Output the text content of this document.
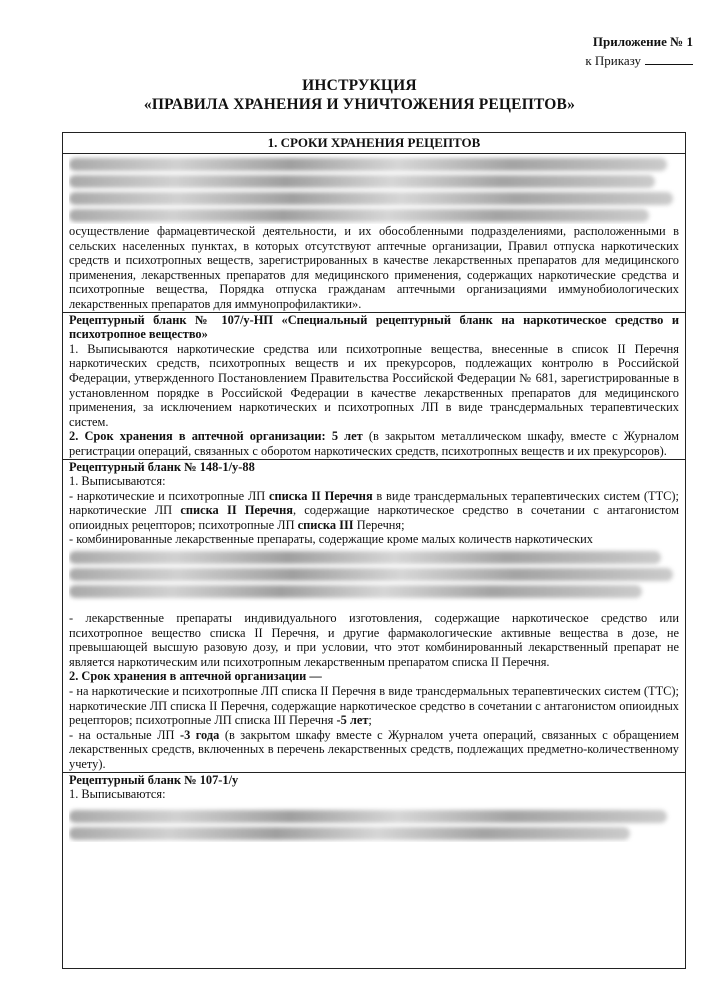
Приложение № 1
к Приказу
ИНСТРУКЦИЯ
«ПРАВИЛА ХРАНЕНИЯ И УНИЧТОЖЕНИЯ РЕЦЕПТОВ»
1. СРОКИ ХРАНЕНИЯ РЕЦЕПТОВ

осуществление фармацевтической деятельности, и их обособленными подразделениями, расположенными в сельских населенных пунктах, в которых отсутствуют аптечные организации, Правил отпуска наркотических средств и психотропных веществ, зарегистрированных в качестве лекарственных препаратов для медицинского применения, лекарственных препаратов для медицинского применения, содержащих наркотические средства и психотропные вещества, Порядка отпуска гражданам аптечными организациями иммунобиологических лекарственных препаратов для иммунопрофилактики».

Рецептурный бланк № 107/у-НП «Специальный рецептурный бланк на наркотическое средство и психотропное вещество»

1. Выписываются наркотические средства или психотропные вещества, внесенные в список II Перечня наркотических средств, психотропных веществ и их прекурсоров, подлежащих контролю в Российской Федерации, утвержденного Постановлением Правительства Российской Федерации № 681, зарегистрированные в установленном порядке в Российской Федерации в качестве лекарственных препаратов для медицинского применения, за исключением наркотических и психотропных ЛП в виде трансдермальных терапевтических систем.

2. Срок хранения в аптечной организации: 5 лет (в закрытом металлическом шкафу, вместе с Журналом регистрации операций, связанных с оборотом наркотических средств, психотропных веществ и их прекурсоров).

Рецептурный бланк № 148-1/у-88

1. Выписываются:

- наркотические и психотропные ЛП списка II Перечня в виде трансдермальных терапевтических систем (ТТС); наркотические ЛП списка II Перечня, содержащие наркотическое средство в сочетании с антагонистом опиоидных рецепторов; психотропные ЛП списка III Перечня;

- комбинированные лекарственные препараты, содержащие кроме малых количеств наркотических

- лекарственные препараты индивидуального изготовления, содержащие наркотическое средство или психотропное вещество списка II Перечня, и другие фармакологические активные вещества в дозе, не превышающей высшую разовую дозу, и при условии, что этот комбинированный лекарственный препарат не является наркотическим или психотропным лекарственным препаратом списка II Перечня.

2. Срок хранения в аптечной организации —

- на наркотические и психотропные ЛП списка II Перечня в виде трансдермальных терапевтических систем (ТТС); наркотические ЛП списка II Перечня, содержащие наркотическое средство в сочетании с антагонистом опиоидных рецепторов; психотропные ЛП списка III Перечня -5 лет;

- на остальные ЛП -3 года (в закрытом шкафу вместе с Журналом учета операций, связанных с обращением лекарственных средств, включенных в перечень лекарственных средств, подлежащих предметно-количественному учету).

Рецептурный бланк № 107-1/у

1. Выписываются:
